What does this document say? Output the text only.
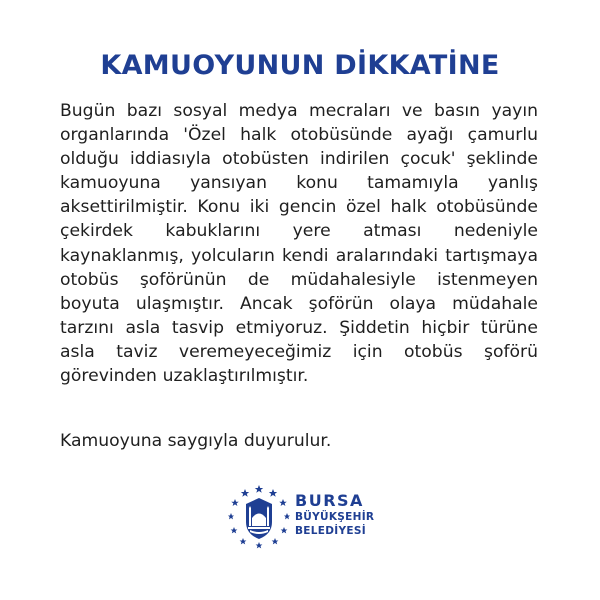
KAMUOYUNUN DİKKATİNE

Bugün bazı sosyal medya mecraları ve basın yayın organlarında 'Özel halk otobüsünde ayağı çamurlu olduğu iddiasıyla otobüsten indirilen çocuk' şeklinde kamuoyuna yansıyan konu tamamıyla yanlış aksettirilmiştir. Konu iki gencin özel halk otobüsünde çekirdek kabuklarını yere atması nedeniyle kaynaklanmış, yolcuların kendi aralarındaki tartışmaya otobüs şoförünün de müdahalesiyle istenmeyen boyuta ulaşmıştır. Ancak şoförün olaya müdahale tarzını asla tasvip etmiyoruz. Şiddetin hiçbir türüne asla taviz veremeyeceğimiz için otobüs şoförü görevinden uzaklaştırılmıştır.

Kamuoyuna saygıyla duyurulur.

BURSA
BÜYÜKŞEHİR
BELEDİYESİ
